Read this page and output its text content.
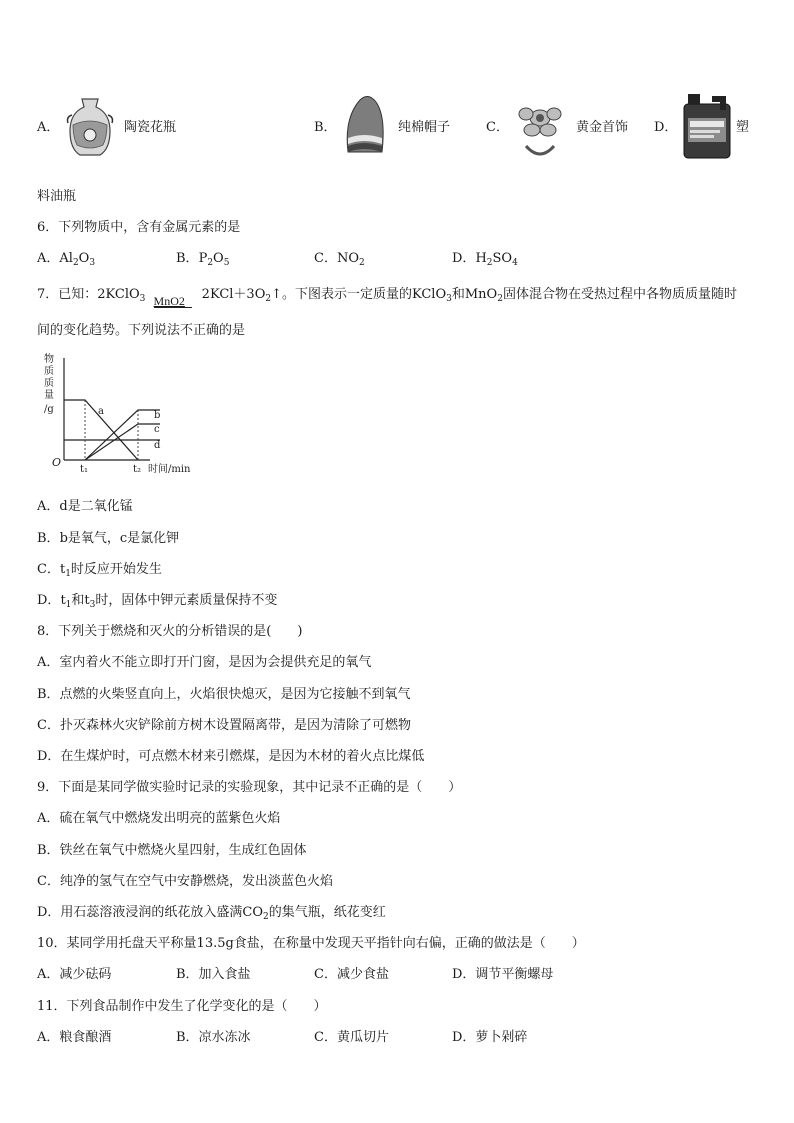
A．	陶瓷花瓶	B．	纯棉帽子	C．	黄金首饰 D．	塑
料油瓶
6．下列物质中，含有金属元素的是
A．$Al_2O_3$	B．$P_2O_5$	C．$NO_2$	D．$H_2SO_4$
7．已知：2KClO$_3$ MnO2 $2KCl+3O_2↑$。下图表示一定质量的KClO$_3$和MnO$_2$固体混合物在受热过程中各物质质量随时
间的变化趋势。下列说法不正确的是
物
质
质
量
/g
O
a	b
c
d
t₁	t₂ 时间/min
A．d是二氧化锰
B．b是氧气，c是氯化钾
C．$t_1$时反应开始发生
D．$t_1$和$t_3$时，固体中钾元素质量保持不变
8．下列关于燃烧和灭火的分析错误的是(　　)
A．室内着火不能立即打开门窗，是因为会提供充足的氧气
B．点燃的火柴竖直向上，火焰很快熄灭，是因为它接触不到氧气
C．扑灭森林火灾铲除前方树木设置隔离带，是因为清除了可燃物
D．在生煤炉时，可点燃木材来引燃煤，是因为木材的着火点比煤低
9．下面是某同学做实验时记录的实验现象，其中记录不正确的是（　　）
A．硫在氧气中燃烧发出明亮的蓝紫色火焰
B．铁丝在氧气中燃烧火星四射，生成红色固体
C．纯净的氢气在空气中安静燃烧，发出淡蓝色火焰
D．用石蕊溶液浸润的纸花放入盛满$CO_2$的集气瓶，纸花变红
10．某同学用托盘天平称量13.5g食盐，在称量中发现天平指针向右偏，正确的做法是（　　）
A．减少砝码	B．加入食盐	C．减少食盐	D．调节平衡螺母
11．下列食品制作中发生了化学变化的是（　　）
A．粮食酿酒	B．凉水冻冰	C．黄瓜切片	D．萝卜剁碎
